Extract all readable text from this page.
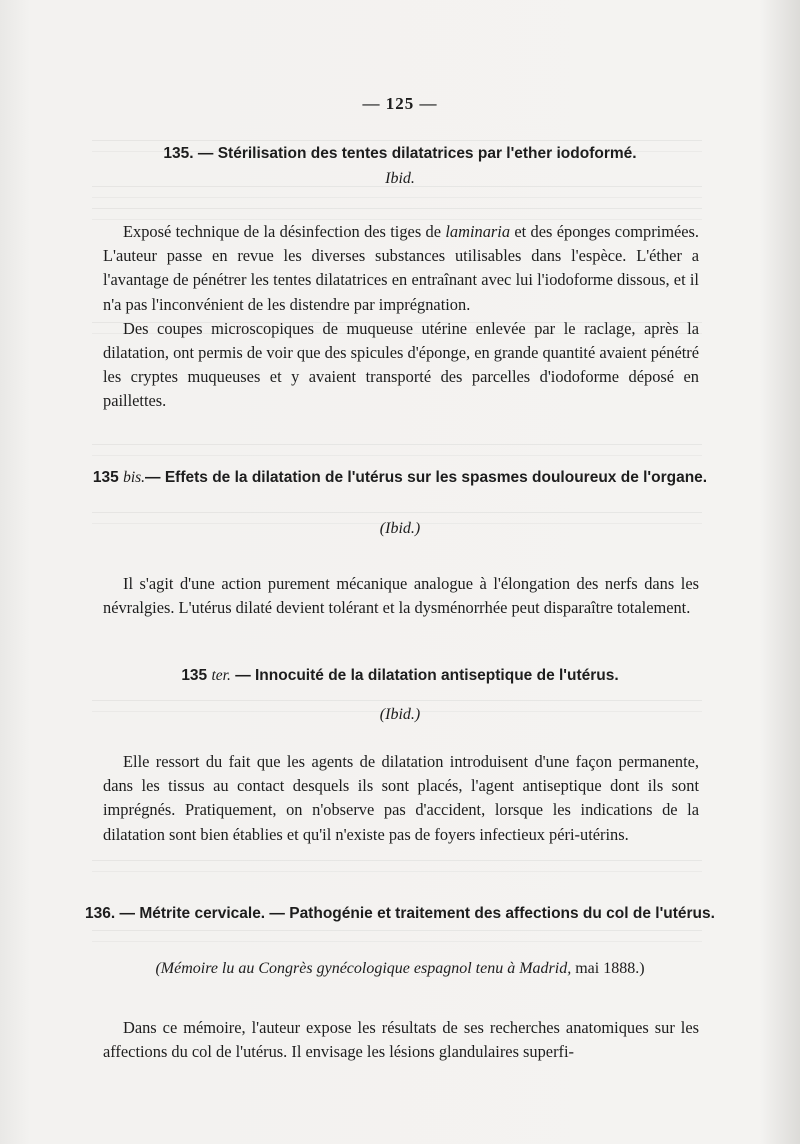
— 125 —
135. — Stérilisation des tentes dilatatrices par l'ether iodoformé.
Ibid.

Exposé technique de la désinfection des tiges de laminaria et des éponges comprimées. L'auteur passe en revue les diverses substances utilisables dans l'espèce. L'éther a l'avantage de pénétrer les tentes dilatatrices en entraînant avec lui l'iodoforme dissous, et il n'a pas l'inconvénient de les distendre par imprégnation.

Des coupes microscopiques de muqueuse utérine enlevée par le raclage, après la dilatation, ont permis de voir que des spicules d'éponge, en grande quantité avaient pénétré les cryptes muqueuses et y avaient transporté des parcelles d'iodoforme déposé en paillettes.

135 bis.— Effets de la dilatation de l'utérus sur les spasmes douloureux de l'organe.
(Ibid.)

Il s'agit d'une action purement mécanique analogue à l'élongation des nerfs dans les névralgies. L'utérus dilaté devient tolérant et la dysménorrhée peut disparaître totalement.

135 ter. — Innocuité de la dilatation antiseptique de l'utérus.
(Ibid.)

Elle ressort du fait que les agents de dilatation introduisent d'une façon permanente, dans les tissus au contact desquels ils sont placés, l'agent antiseptique dont ils sont imprégnés. Pratiquement, on n'observe pas d'accident, lorsque les indications de la dilatation sont bien établies et qu'il n'existe pas de foyers infectieux péri-utérins.

136. — Métrite cervicale. — Pathogénie et traitement des affections du col de l'utérus.
(Mémoire lu au Congrès gynécologique espagnol tenu à Madrid, mai 1888.)

Dans ce mémoire, l'auteur expose les résultats de ses recherches anatomiques sur les affections du col de l'utérus. Il envisage les lésions glandulaires superfi-
